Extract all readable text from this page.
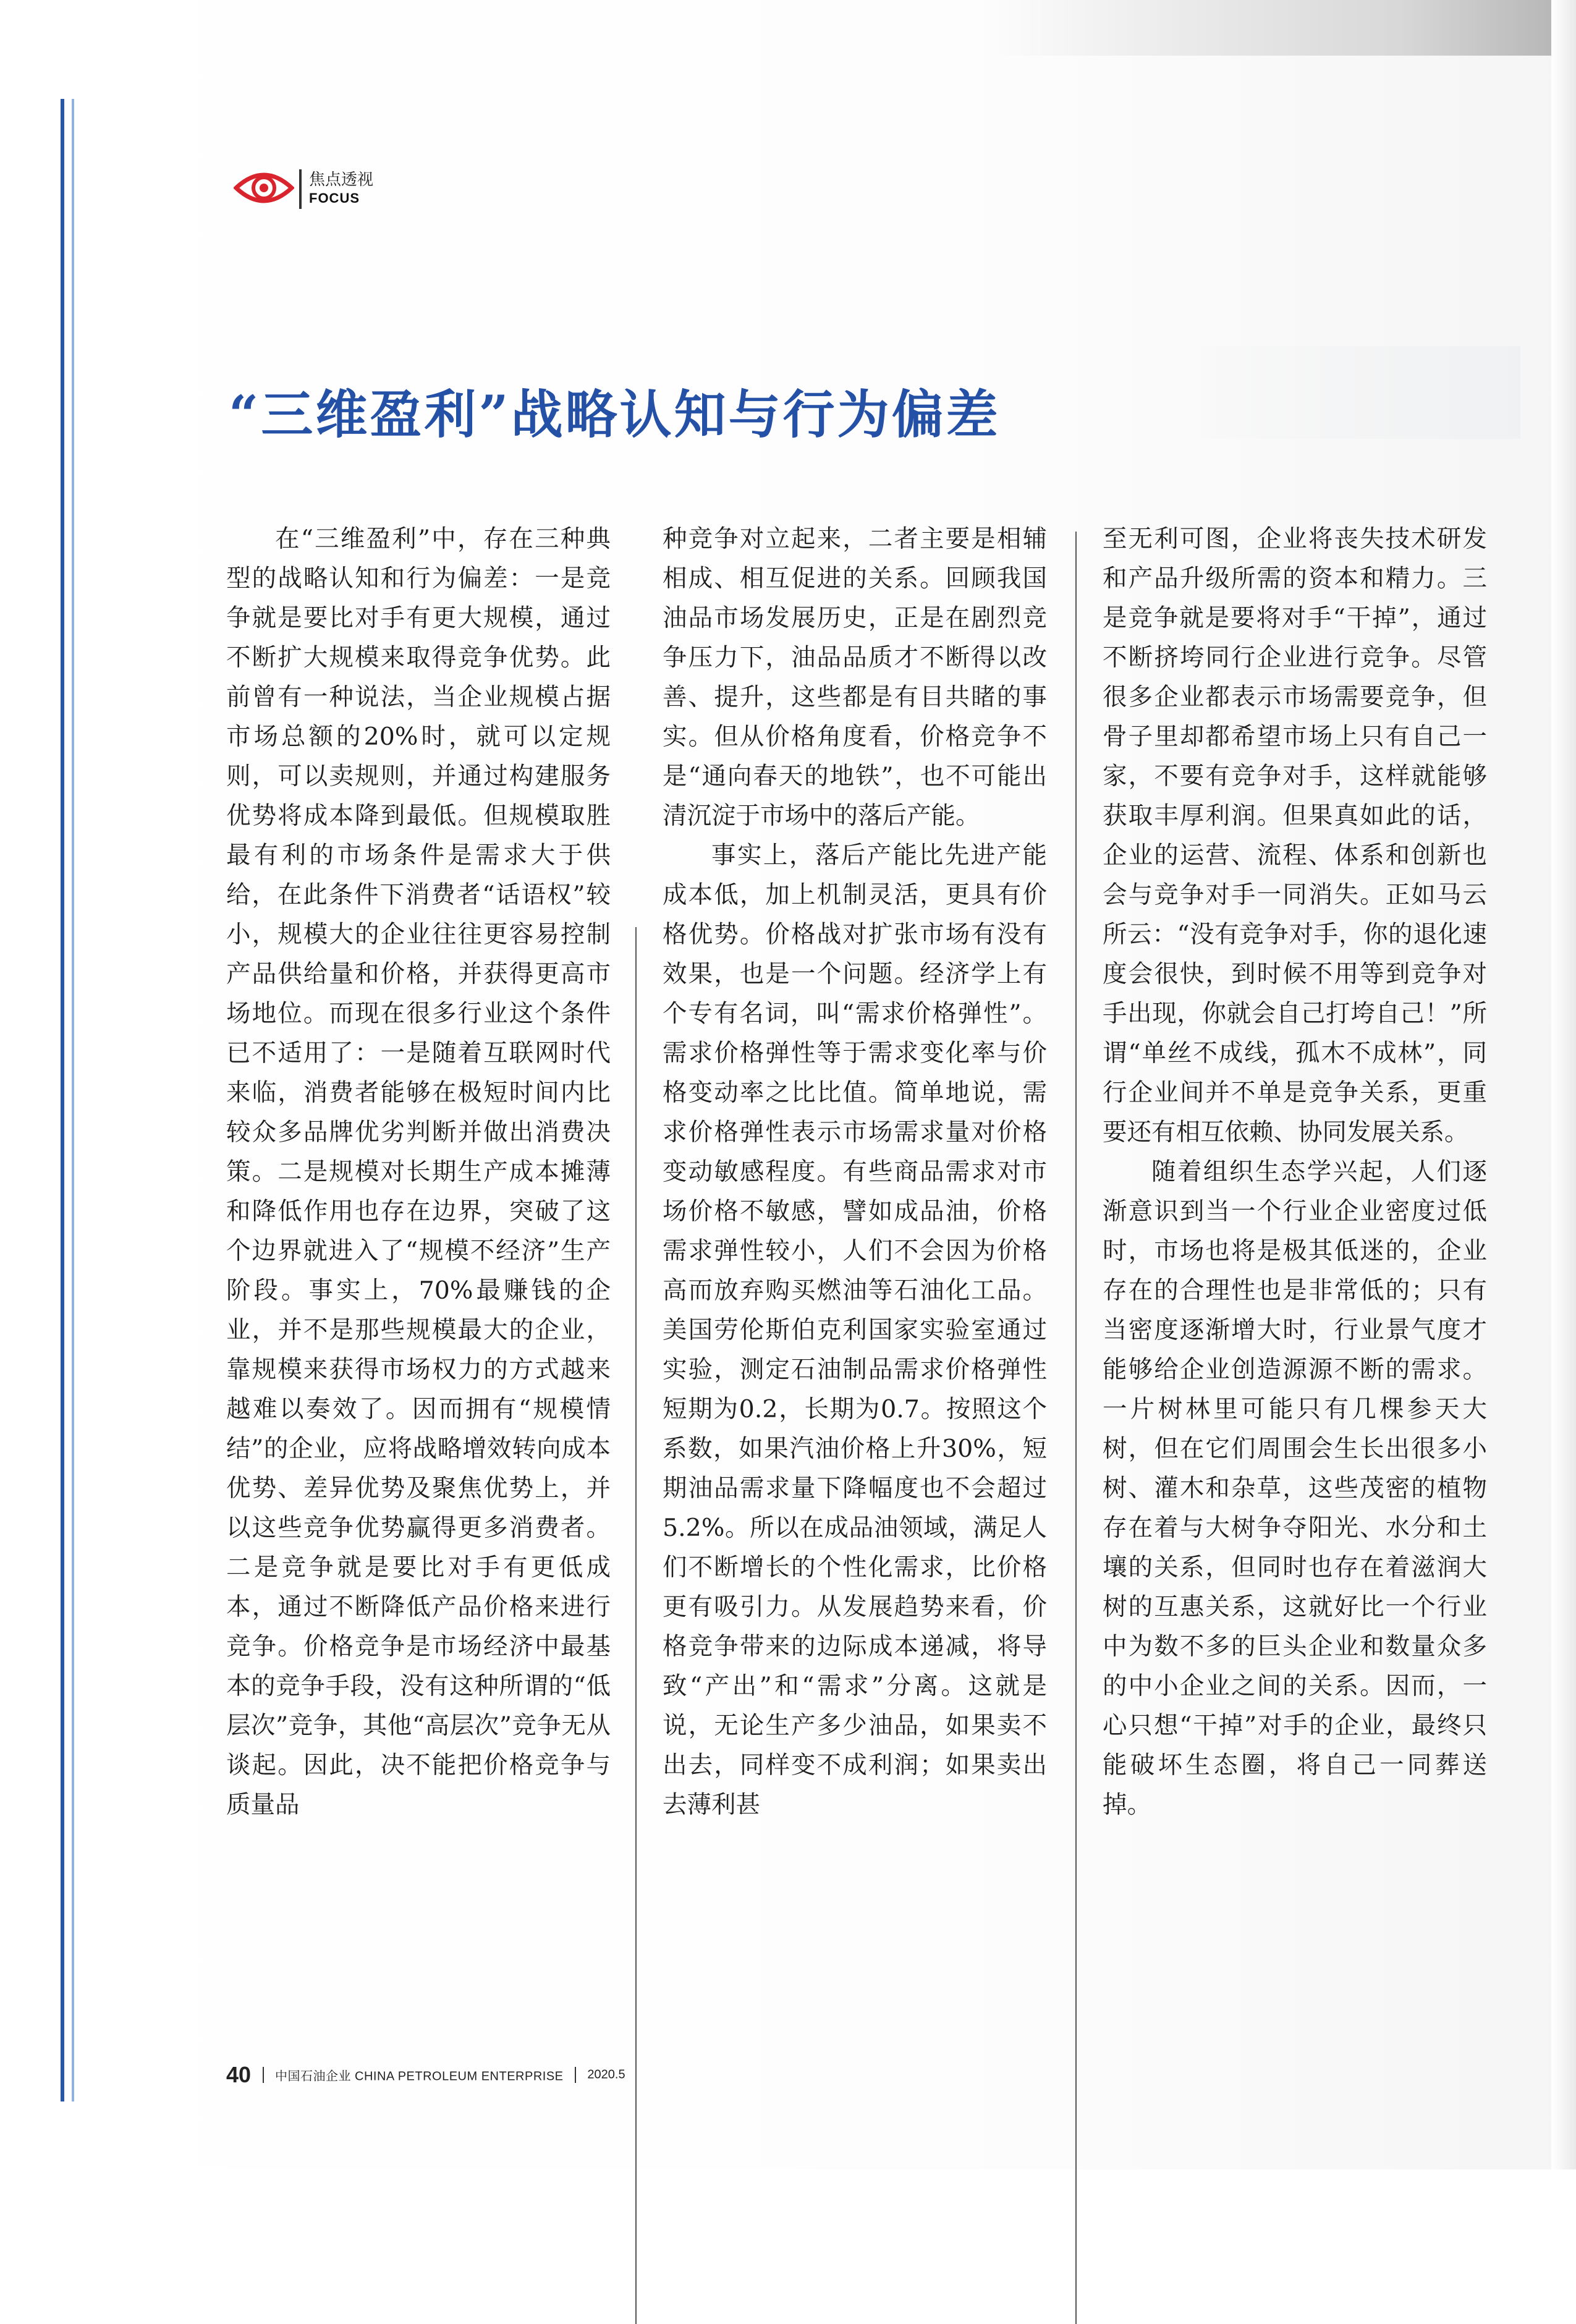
焦点透视
FOCUS
“三维盈利”战略认知与行为偏差

在“三维盈利”中，存在三种典型的战略认知和行为偏差：一是竞争就是要比对手有更大规模，通过不断扩大规模来取得竞争优势。此前曾有一种说法，当企业规模占据市场总额的20%时，就可以定规则，可以卖规则，并通过构建服务优势将成本降到最低。但规模取胜最有利的市场条件是需求大于供给，在此条件下消费者“话语权”较小，规模大的企业往往更容易控制产品供给量和价格，并获得更高市场地位。而现在很多行业这个条件已不适用了：一是随着互联网时代来临，消费者能够在极短时间内比较众多品牌优劣判断并做出消费决策。二是规模对长期生产成本摊薄和降低作用也存在边界，突破了这个边界就进入了“规模不经济”生产阶段。事实上，70%最赚钱的企业，并不是那些规模最大的企业，靠规模来获得市场权力的方式越来越难以奏效了。因而拥有“规模情结”的企业，应将战略增效转向成本优势、差异优势及聚焦优势上，并以这些竞争优势赢得更多消费者。二是竞争就是要比对手有更低成本，通过不断降低产品价格来进行竞争。价格竞争是市场经济中最基本的竞争手段，没有这种所谓的“低层次”竞争，其他“高层次”竞争无从谈起。因此，决不能把价格竞争与质量品

种竞争对立起来，二者主要是相辅相成、相互促进的关系。回顾我国油品市场发展历史，正是在剧烈竞争压力下，油品品质才不断得以改善、提升，这些都是有目共睹的事实。但从价格角度看，价格竞争不是“通向春天的地铁”，也不可能出清沉淀于市场中的落后产能。

事实上，落后产能比先进产能成本低，加上机制灵活，更具有价格优势。价格战对扩张市场有没有效果，也是一个问题。经济学上有个专有名词，叫“需求价格弹性”。需求价格弹性等于需求变化率与价格变动率之比比值。简单地说，需求价格弹性表示市场需求量对价格变动敏感程度。有些商品需求对市场价格不敏感，譬如成品油，价格需求弹性较小，人们不会因为价格高而放弃购买燃油等石油化工品。美国劳伦斯伯克利国家实验室通过实验，测定石油制品需求价格弹性短期为0.2，长期为0.7。按照这个系数，如果汽油价格上升30%，短期油品需求量下降幅度也不会超过5.2%。所以在成品油领域，满足人们不断增长的个性化需求，比价格更有吸引力。从发展趋势来看，价格竞争带来的边际成本递减，将导致“产出”和“需求”分离。这就是说，无论生产多少油品，如果卖不出去，同样变不成利润；如果卖出去薄利甚

至无利可图，企业将丧失技术研发和产品升级所需的资本和精力。三是竞争就是要将对手“干掉”，通过不断挤垮同行企业进行竞争。尽管很多企业都表示市场需要竞争，但骨子里却都希望市场上只有自己一家，不要有竞争对手，这样就能够获取丰厚利润。但果真如此的话，企业的运营、流程、体系和创新也会与竞争对手一同消失。正如马云所云：“没有竞争对手，你的退化速度会很快，到时候不用等到竞争对手出现，你就会自己打垮自己！”所谓“单丝不成线，孤木不成林”，同行企业间并不单是竞争关系，更重要还有相互依赖、协同发展关系。

随着组织生态学兴起，人们逐渐意识到当一个行业企业密度过低时，市场也将是极其低迷的，企业存在的合理性也是非常低的；只有当密度逐渐增大时，行业景气度才能够给企业创造源源不断的需求。一片树林里可能只有几棵参天大树，但在它们周围会生长出很多小树、灌木和杂草，这些茂密的植物存在着与大树争夺阳光、水分和土壤的关系，但同时也存在着滋润大树的互惠关系，这就好比一个行业中为数不多的巨头企业和数量众多的中小企业之间的关系。因而，一心只想“干掉”对手的企业，最终只能破坏生态圈，将自己一同葬送掉。

40 中国石油企业 CHINA PETROLEUM ENTERPRISE 2020.5
